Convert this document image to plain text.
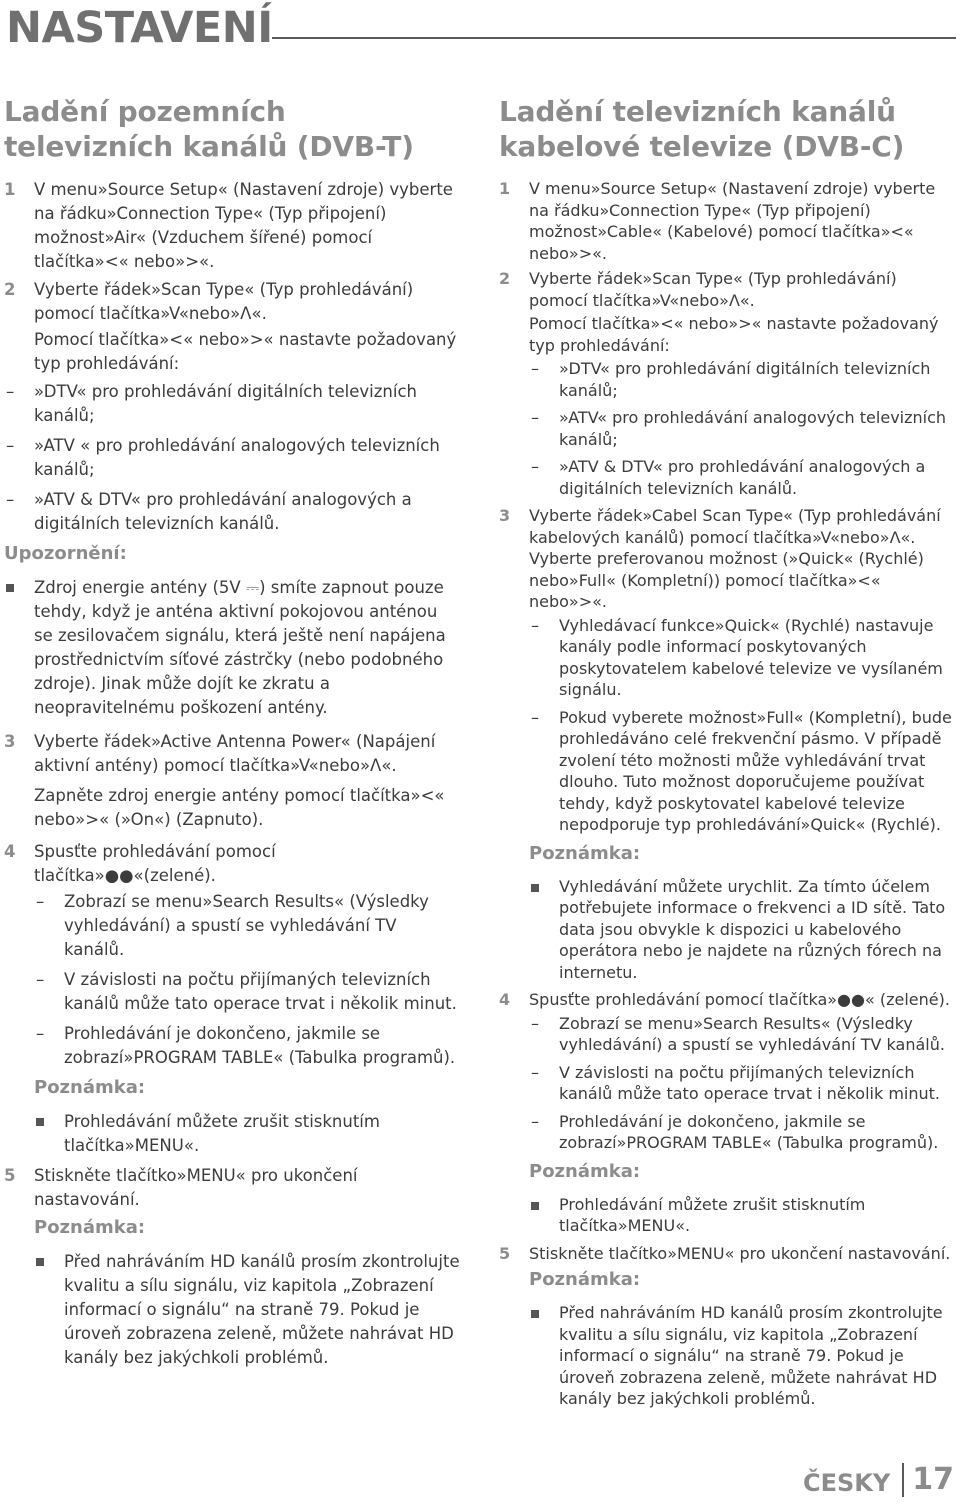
NASTAVENÍ
Ladění pozemních televizních kanálů (DVB-T)
1 V menu»Source Setup« (Nastavení zdroje) vyberte na řádku»Connection Type« (Typ připojení) možnost»Air« (Vzduchem šířené) pomocí tlačítka»<« nebo»>«.
2 Vyberte řádek»Scan Type« (Typ prohledávání) pomocí tlačítka»V«nebo»Λ«.
Pomocí tlačítka»<« nebo»>« nastavte požadovaný typ prohledávání:
– »DTV« pro prohledávání digitálních televizních kanálů;
– »ATV « pro prohledávání analogových televizních kanálů;
– »ATV & DTV« pro prohledávání analogových a digitálních televizních kanálů.
Upozornění:
Zdroj energie antény (5V ⎓) smíte zapnout pouze tehdy, když je anténa aktivní pokojovou anténou se zesilovačem signálu, která ještě není napájena prostřednictvím síťové zástrčky (nebo podobného zdroje). Jinak může dojít ke zkratu a neopravitelnému poškození antény.
3 Vyberte řádek»Active Antenna Power« (Napájení aktivní antény) pomocí tlačítka»V«nebo»Λ«.
Zapněte zdroj energie antény pomocí tlačítka»<« nebo»>« (»On«) (Zapnuto).
4 Spusťte prohledávání pomocí tlačítka»●●«(zelené).
– Zobrazí se menu»Search Results« (Výsledky vyhledávání) a spustí se vyhledávání TV kanálů.
– V závislosti na počtu přijímaných televizních kanálů může tato operace trvat i několik minut.
– Prohledávání je dokončeno, jakmile se zobrazí»PROGRAM TABLE« (Tabulka programů).
Poznámka:
Prohledávání můžete zrušit stisknutím tlačítka»MENU«.
5 Stiskněte tlačítko»MENU« pro ukončení nastavování.
Poznámka:
Před nahráváním HD kanálů prosím zkontrolujte kvalitu a sílu signálu, viz kapitola „Zobrazení informací o signálu“ na straně 79. Pokud je úroveň zobrazena zeleně, můžete nahrávat HD kanály bez jakýchkoli problémů.
Ladění televizních kanálů kabelové televize (DVB-C)
1 V menu»Source Setup« (Nastavení zdroje) vyberte na řádku»Connection Type« (Typ připojení) možnost»Cable« (Kabelové) pomocí tlačítka»<« nebo»>«.
2 Vyberte řádek»Scan Type« (Typ prohledávání) pomocí tlačítka»V«nebo»Λ«.
Pomocí tlačítka»<« nebo»>« nastavte požadovaný typ prohledávání:
– »DTV« pro prohledávání digitálních televizních kanálů;
– »ATV« pro prohledávání analogových televizních kanálů;
– »ATV & DTV« pro prohledávání analogových a digitálních televizních kanálů.
3 Vyberte řádek»Cabel Scan Type« (Typ prohledávání kabelových kanálů) pomocí tlačítka»V«nebo»Λ«. Vyberte preferovanou možnost (»Quick« (Rychlé) nebo»Full« (Kompletní)) pomocí tlačítka»<« nebo»>«.
– Vyhledávací funkce»Quick« (Rychlé) nastavuje kanály podle informací poskytovaných poskytovatelem kabelové televize ve vysílaném signálu.
– Pokud vyberete možnost»Full« (Kompletní), bude prohledáváno celé frekvenční pásmo. V případě zvolení této možnosti může vyhledávání trvat dlouho. Tuto možnost doporučujeme používat tehdy, když poskytovatel kabelové televize nepodporuje typ prohledávání»Quick« (Rychlé).
Poznámka:
Vyhledávání můžete urychlit. Za tímto účelem potřebujete informace o frekvenci a ID sítě. Tato data jsou obvykle k dispozici u kabelového operátora nebo je najdete na různých fórech na internetu.
4 Spusťte prohledávání pomocí tlačítka»●●« (zelené).
– Zobrazí se menu»Search Results« (Výsledky vyhledávání) a spustí se vyhledávání TV kanálů.
– V závislosti na počtu přijímaných televizních kanálů může tato operace trvat i několik minut.
– Prohledávání je dokončeno, jakmile se zobrazí»PROGRAM TABLE« (Tabulka programů).
Poznámka:
Prohledávání můžete zrušit stisknutím tlačítka»MENU«.
5 Stiskněte tlačítko»MENU« pro ukončení nastavování.
Poznámka:
Před nahráváním HD kanálů prosím zkontrolujte kvalitu a sílu signálu, viz kapitola „Zobrazení informací o signálu“ na straně 79. Pokud je úroveň zobrazena zeleně, můžete nahrávat HD kanály bez jakýchkoli problémů.
ČESKY 17
